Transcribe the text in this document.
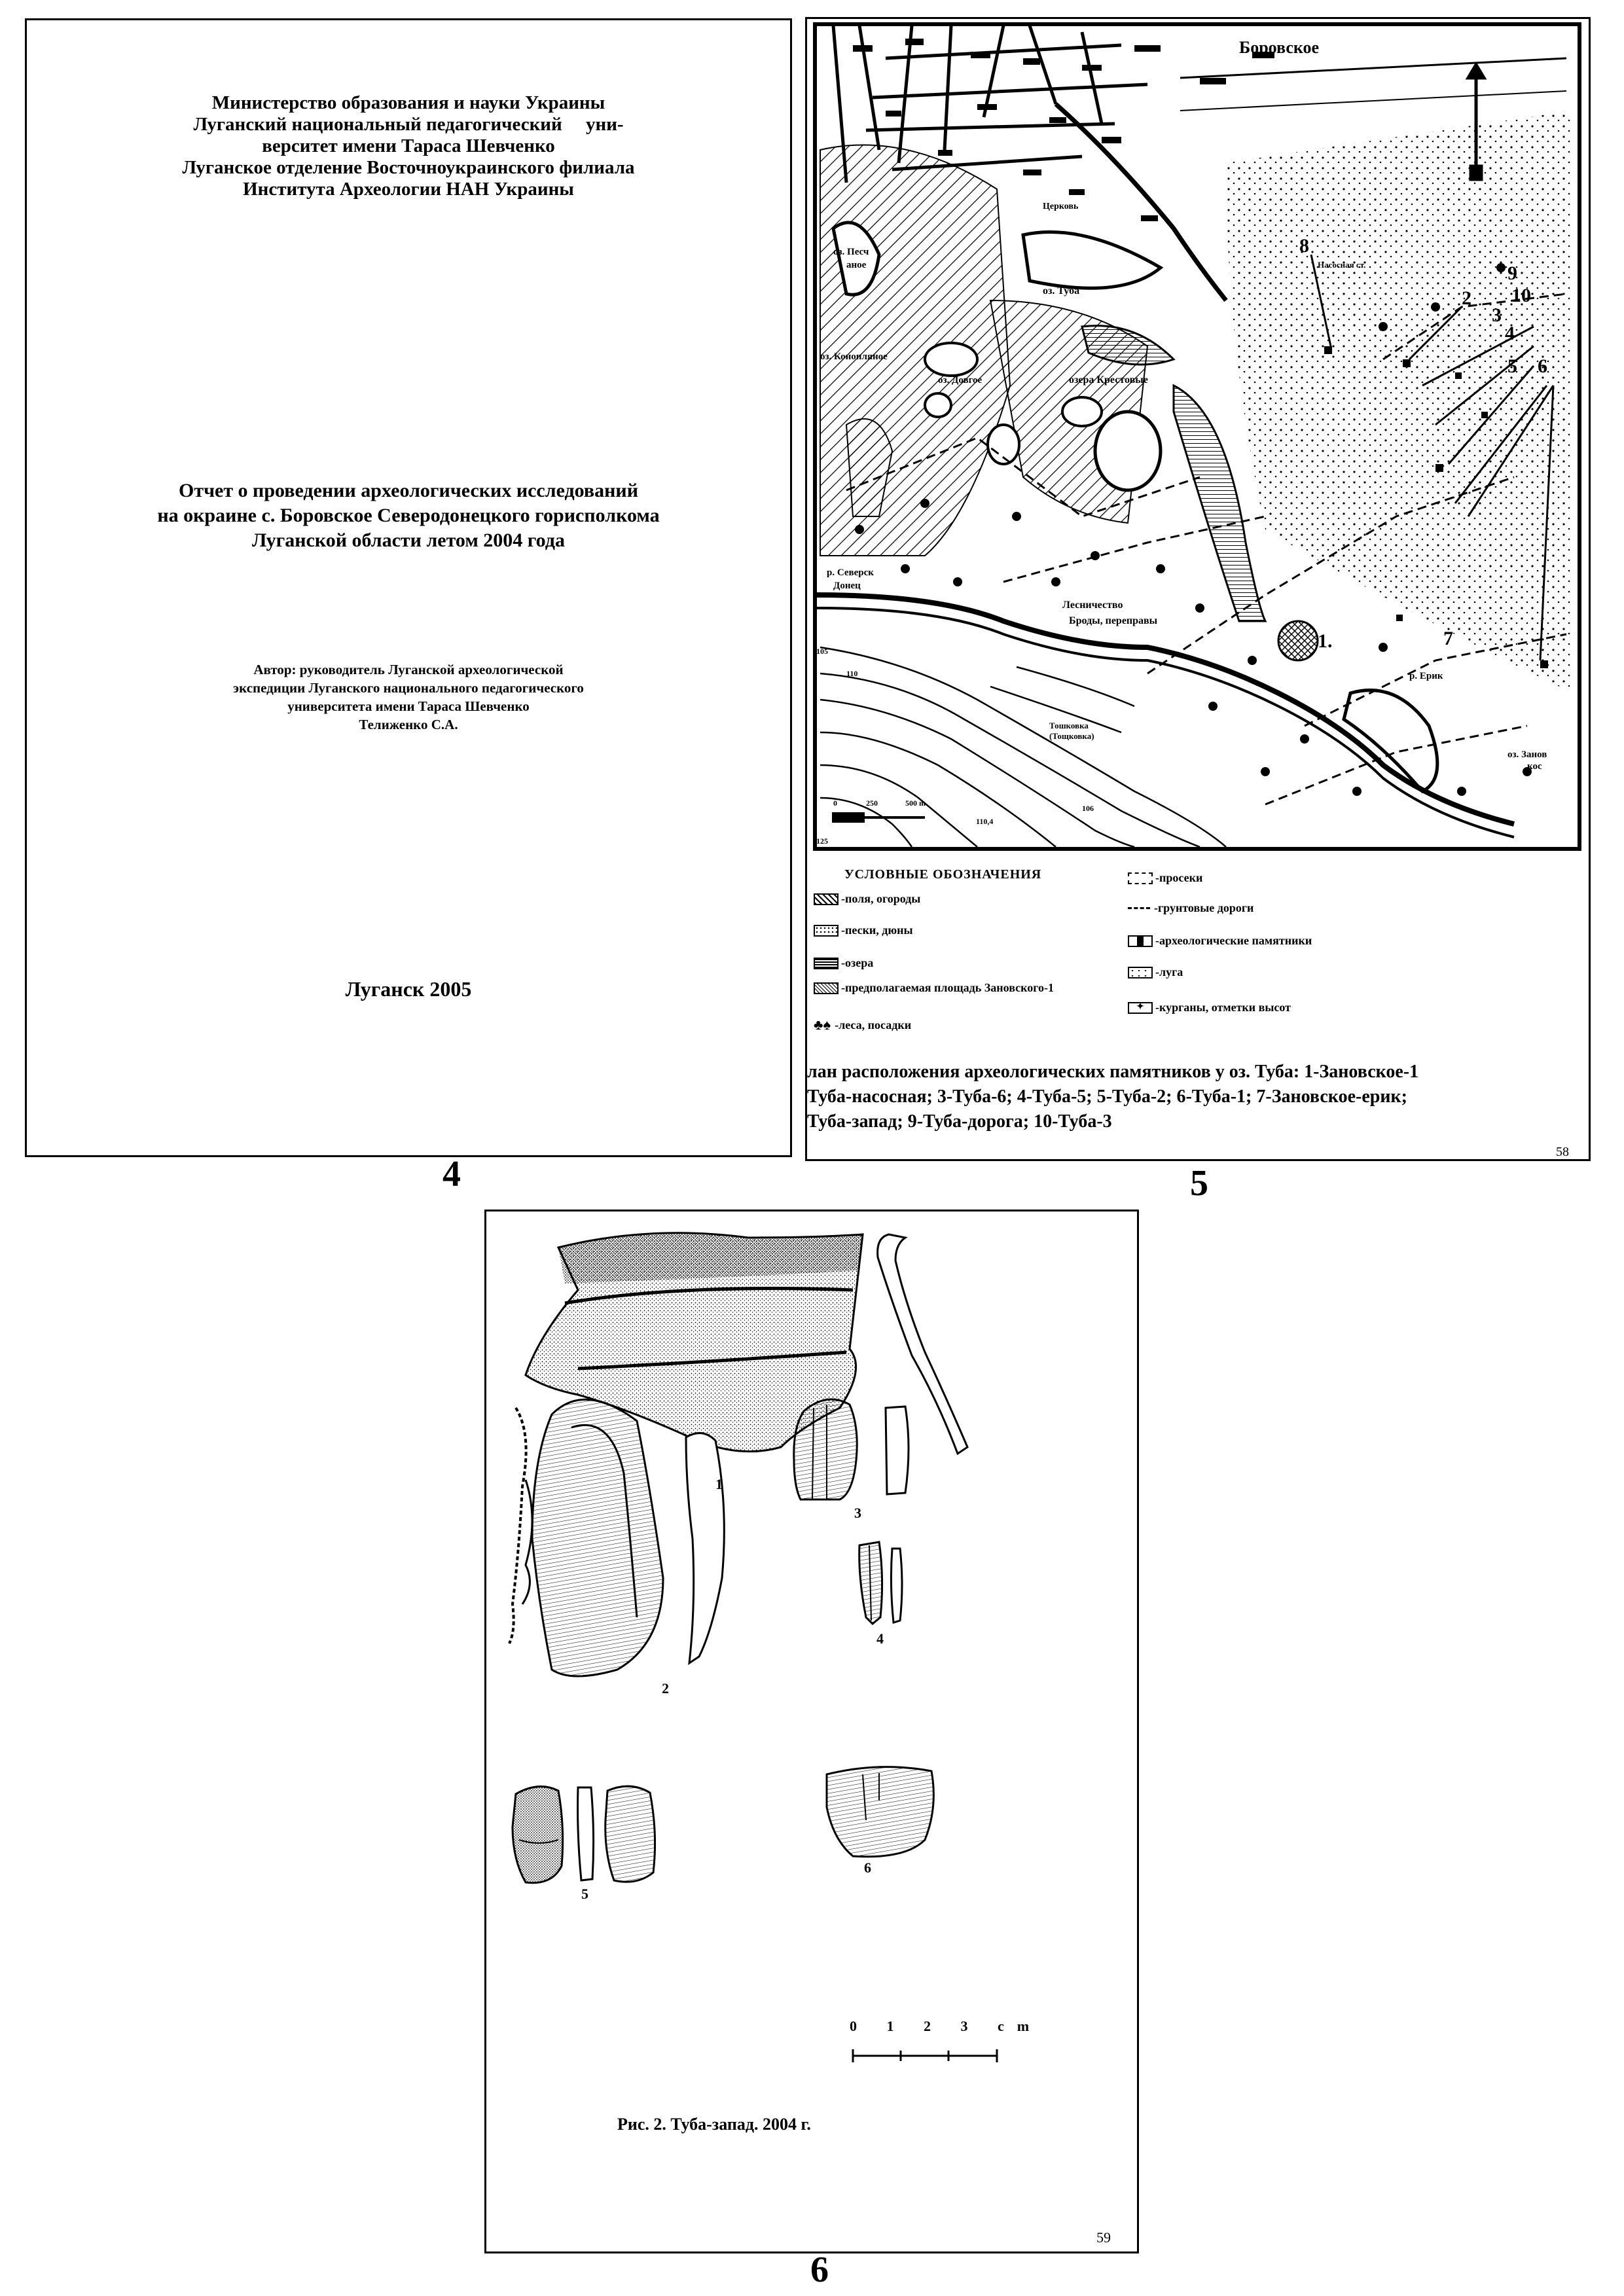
Министерство образования и науки Украины
Луганский национальный педагогический     уни-
верситет имени Тараса Шевченко
Луганское отделение Восточноукраинского филиала
Института Археологии НАН Украины
Отчет о проведении археологических исследований
на окраине с. Боровское Северодонецкого горисполкома
Луганской области летом 2004 года
Автор: руководитель Луганской археологической
экспедиции Луганского национального педагогического
университета имени Тараса Шевченко
Телиженко С.А.
Луганск 2005
4
Боровское
Церковь
оз. Песч
аное
оз. Туба
оз. Конопляное
оз. Довгое	озера Крестовые
Насосная ст.
р. Северск
Донец
Лесничество
Броды, переправы
Тошковка
(Тощковка)
р. Ерик
оз. Занов
кос
110
105
125
110,4
106
0	250	500 m
8
9
10
2
3
4
5 6
7
1.
УСЛОВНЫЕ ОБОЗНАЧЕНИЯ
-поля, огороды
-пески, дюны
-озера
-предполагаемая площадь Зановского-1
♣♠ -леса, посадки
-просеки
-грунтовые дороги
-археологические памятники
-луга
✦ -курганы, отметки высот
лан расположения археологических памятников у оз. Туба: 1-Зановское-1
Туба-насосная; 3-Туба-6; 4-Туба-5; 5-Туба-2; 6-Туба-1; 7-Зановское-ерик;
Туба-запад; 9-Туба-дорога; 10-Туба-3
58
5
1
2
3
4
5
6
0 1 2 3 cm
Рис. 2. Туба-запад. 2004 г.
59
6
